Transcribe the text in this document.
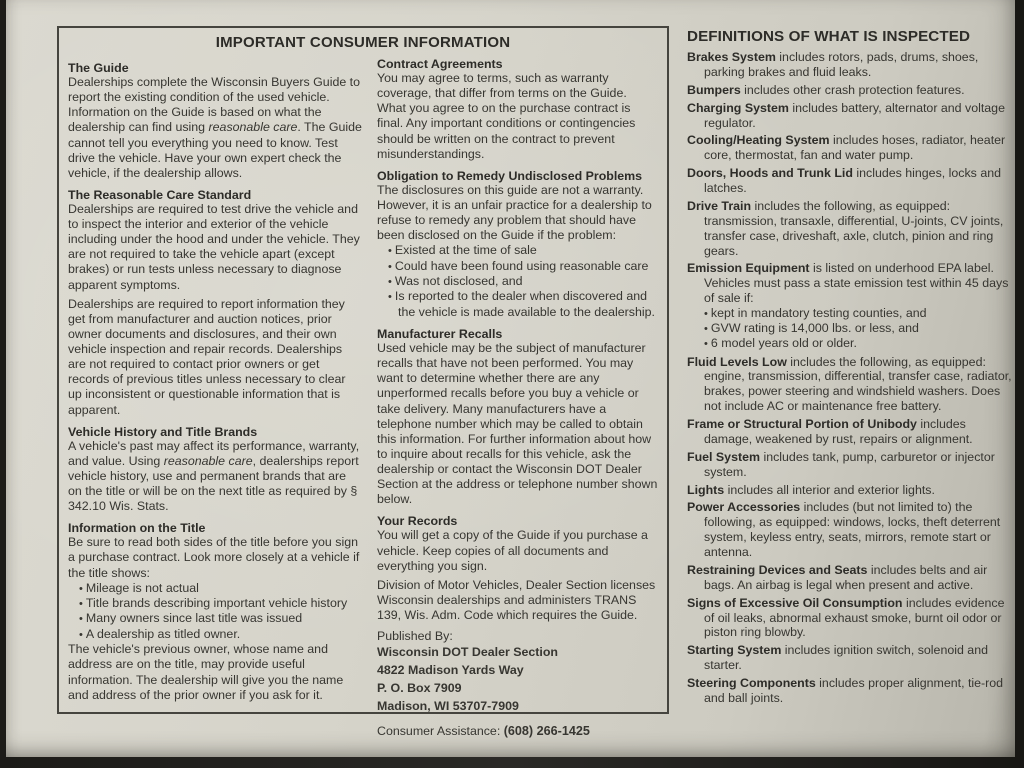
IMPORTANT CONSUMER INFORMATION
The Guide

Dealerships complete the Wisconsin Buyers Guide to report the existing condition of the used vehicle. Information on the Guide is based on what the dealership can find using reasonable care. The Guide cannot tell you everything you need to know. Test drive the vehicle. Have your own expert check the vehicle, if the dealership allows.

The Reasonable Care Standard

Dealerships are required to test drive the vehicle and to inspect the interior and exterior of the vehicle including under the hood and under the vehicle. They are not required to take the vehicle apart (except brakes) or run tests unless necessary to diagnose apparent symptoms.

Dealerships are required to report information they get from manufacturer and auction notices, prior owner documents and disclosures, and their own vehicle inspection and repair records. Dealerships are not required to contact prior owners or get records of previous titles unless necessary to clear up inconsistent or questionable information that is apparent.

Vehicle History and Title Brands

A vehicle's past may affect its performance, warranty, and value. Using reasonable care, dealerships report vehicle history, use and permanent brands that are on the title or will be on the next title as required by § 342.10 Wis. Stats.

Information on the Title

Be sure to read both sides of the title before you sign a purchase contract. Look more closely at a vehicle if the title shows:

• Mileage is not actual
• Title brands describing important vehicle history
• Many owners since last title was issued
• A dealership as titled owner.

The vehicle's previous owner, whose name and address are on the title, may provide useful information. The dealership will give you the name and address of the prior owner if you ask for it.

Contract Agreements

You may agree to terms, such as warranty coverage, that differ from terms on the Guide. What you agree to on the purchase contract is final. Any important conditions or contingencies should be written on the contract to prevent misunderstandings.

Obligation to Remedy Undisclosed Problems

The disclosures on this guide are not a warranty. However, it is an unfair practice for a dealership to refuse to remedy any problem that should have been disclosed on the Guide if the problem:

• Existed at the time of sale
• Could have been found using reasonable care
• Was not disclosed, and
• Is reported to the dealer when discovered and the vehicle is made available to the dealership.
Manufacturer Recalls

Used vehicle may be the subject of manufacturer recalls that have not been performed. You may want to determine whether there are any unperformed recalls before you buy a vehicle or take delivery. Many manufacturers have a telephone number which may be called to obtain this information. For further information about how to inquire about recalls for this vehicle, ask the dealership or contact the Wisconsin DOT Dealer Section at the address or telephone number shown below.

Your Records

You will get a copy of the Guide if you purchase a vehicle. Keep copies of all documents and everything you sign.

Division of Motor Vehicles, Dealer Section licenses Wisconsin dealerships and administers TRANS 139, Wis. Adm. Code which requires the Guide.

Published By:
Wisconsin DOT Dealer Section
4822 Madison Yards Way
P. O. Box 7909
Madison, WI 53707-7909
Consumer Assistance: (608) 266-1425
DEFINITIONS OF WHAT IS INSPECTED

Brakes System includes rotors, pads, drums, shoes, parking brakes and fluid leaks.

Bumpers includes other crash protection features.

Charging System includes battery, alternator and voltage regulator.

Cooling/Heating System includes hoses, radiator, heater core, thermostat, fan and water pump.

Doors, Hoods and Trunk Lid includes hinges, locks and latches.

Drive Train includes the following, as equipped: transmission, transaxle, differential, U-joints, CV joints, transfer case, driveshaft, axle, clutch, pinion and ring gears.

Emission Equipment is listed on underhood EPA label. Vehicles must pass a state emission test within 45 days of sale if:

• kept in mandatory testing counties, and
• GVW rating is 14,000 lbs. or less, and
• 6 model years old or older.

Fluid Levels Low includes the following, as equipped: engine, transmission, differential, transfer case, radiator, brakes, power steering and windshield washers. Does not include AC or maintenance free battery.

Frame or Structural Portion of Unibody includes damage, weakened by rust, repairs or alignment.

Fuel System includes tank, pump, carburetor or injector system.

Lights includes all interior and exterior lights.

Power Accessories includes (but not limited to) the following, as equipped: windows, locks, theft deterrent system, keyless entry, seats, mirrors, remote start or antenna.

Restraining Devices and Seats includes belts and air bags. An airbag is legal when present and active.

Signs of Excessive Oil Consumption includes evidence of oil leaks, abnormal exhaust smoke, burnt oil odor or piston ring blowby.

Starting System includes ignition switch, solenoid and starter.

Steering Components includes proper alignment, tie-rod and ball joints.
